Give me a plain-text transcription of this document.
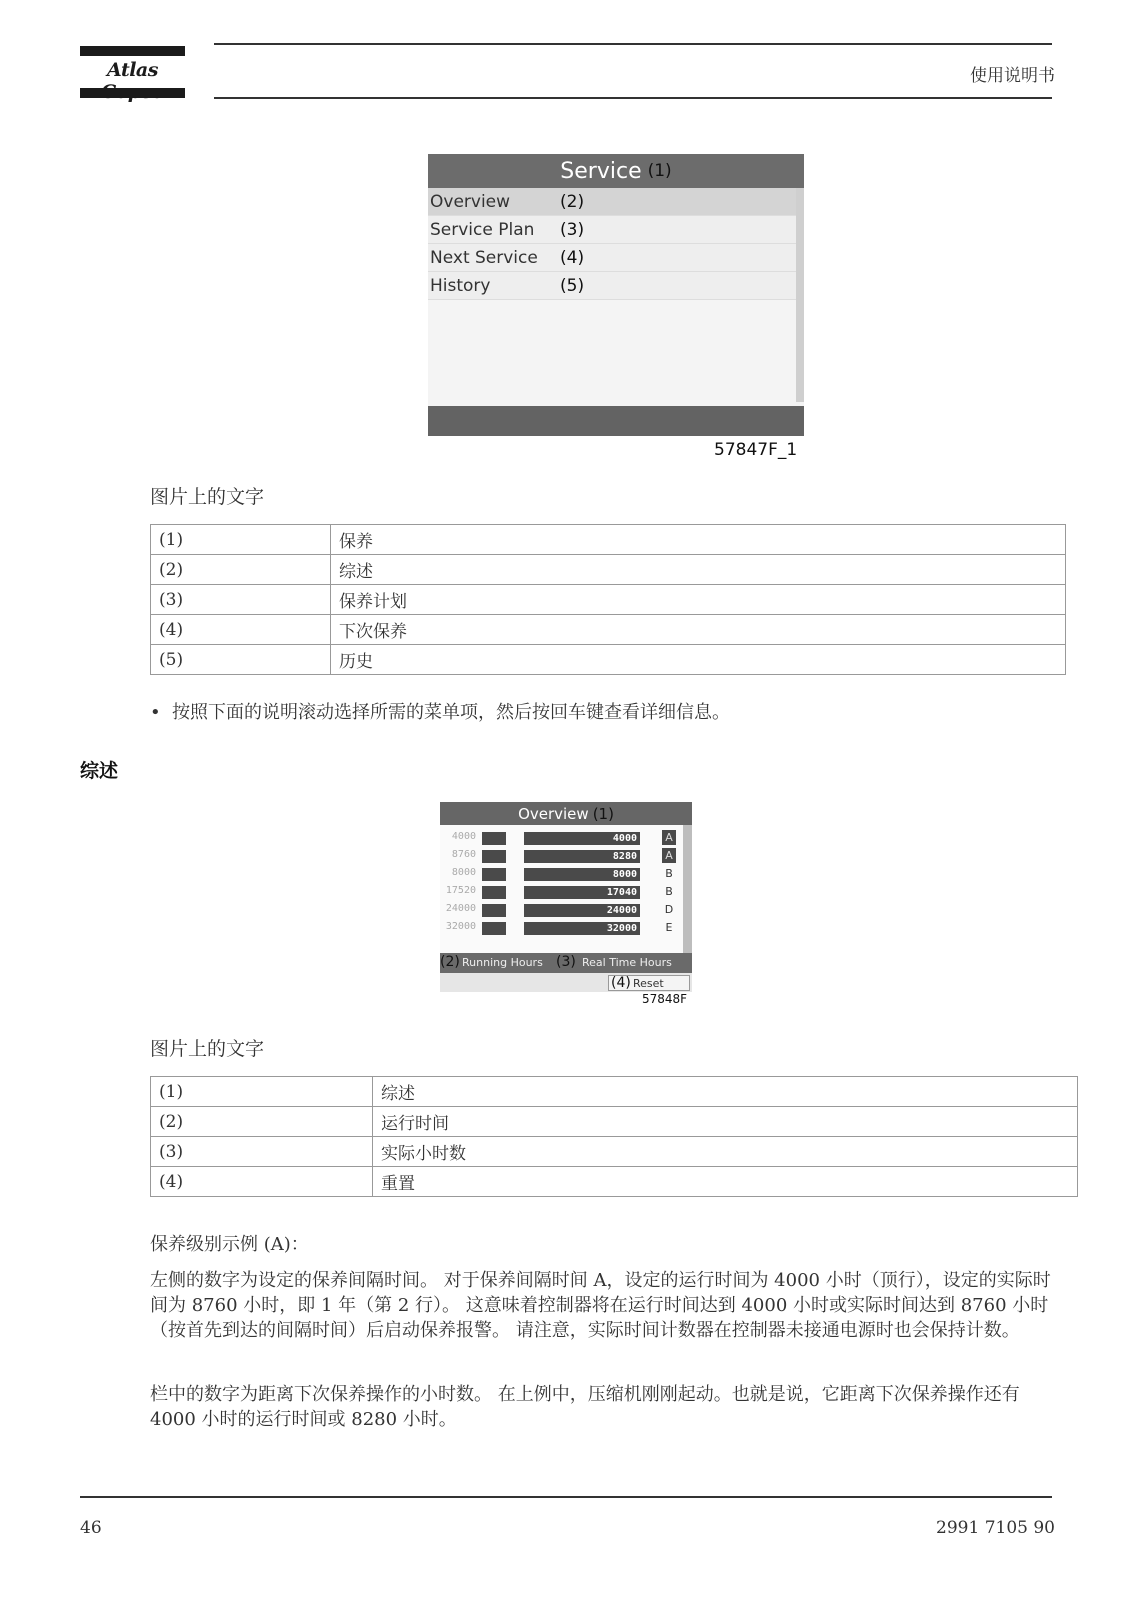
Atlas	使用说明书
Service (1)
Overview	(2)
Service Plan	(3)
Next Service	(4)
History	(5)
57847F_1
图片上的文字
(1)	保养
(2)	综述
(3)	保养计划
(4)	下次保养
(5)	历史
• 按照下面的说明滚动选择所需的菜单项，然后按回车键查看详细信息。
综述
Overview (1)
4000	4000	A
8760	8280	A
8000	8000	B
17520	17040	B
24000	24000	D
32000	32000	E
(2) Running Hours (3) Real Time Hours
(4) Reset
57848F
图片上的文字
(1)	综述
(2)	运行时间
(3)	实际小时数
(4)	重置
保养级别示例 (A)：
左侧的数字为设定的保养间隔时间。 对于保养间隔时间 A，设定的运行时间为 4000 小时（顶行），设定的实际时间为 8760 小时，即 1 年（第 2 行）。 这意味着控制器将在运行时间达到 4000 小时或实际时间达到 8760 小时（按首先到达的间隔时间）后启动保养报警。 请注意，实际时间计数器在控制器未接通电源时也会保持计数。
栏中的数字为距离下次保养操作的小时数。 在上例中，压缩机刚刚起动。也就是说，它距离下次保养操作还有 4000 小时的运行时间或 8280 小时。
46	2991 7105 90
